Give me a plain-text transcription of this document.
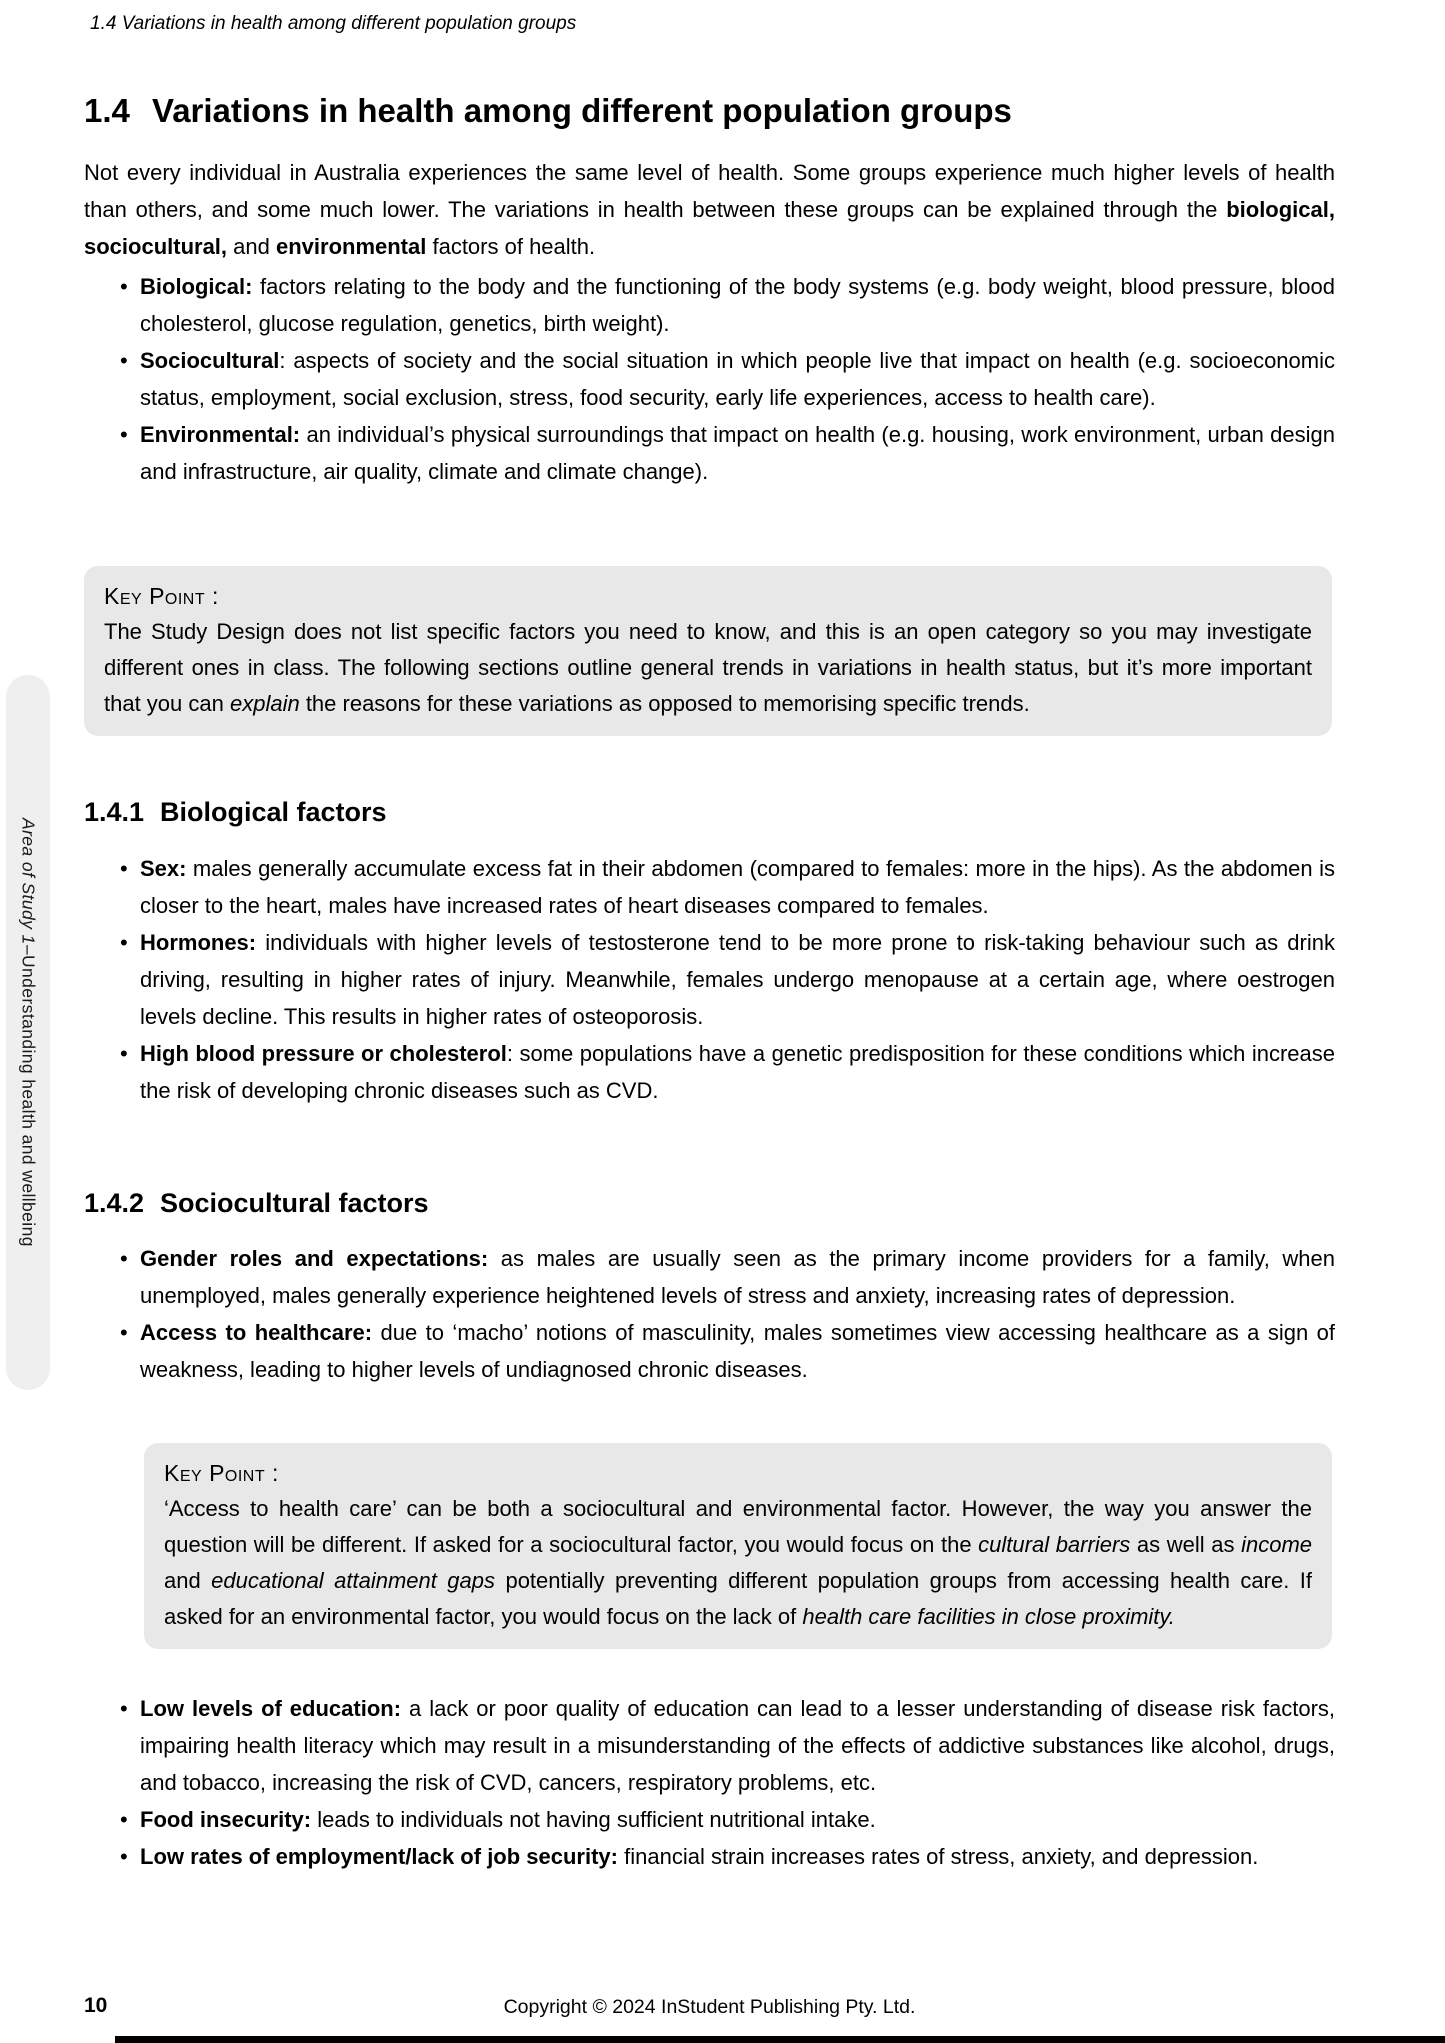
1.4 Variations in health among different population groups
1.4 Variations in health among different population groups

Not every individual in Australia experiences the same level of health. Some groups experience much higher levels of health than others, and some much lower. The variations in health between these groups can be explained through the biological, sociocultural, and environmental factors of health.

• Biological: factors relating to the body and the functioning of the body systems (e.g. body weight, blood pressure, blood cholesterol, glucose regulation, genetics, birth weight).
• Sociocultural: aspects of society and the social situation in which people live that impact on health (e.g. socioeconomic status, employment, social exclusion, stress, food security, early life experiences, access to health care).
• Environmental: an individual’s physical surroundings that impact on health (e.g. housing, work environment, urban design and infrastructure, air quality, climate and climate change).
Key Point :

The Study Design does not list specific factors you need to know, and this is an open category so you may investigate different ones in class. The following sections outline general trends in variations in health status, but it’s more important that you can explain the reasons for these variations as opposed to memorising specific trends.

1.4.1 Biological factors
• Sex: males generally accumulate excess fat in their abdomen (compared to females: more in the hips). As the abdomen is closer to the heart, males have increased rates of heart diseases compared to females.
• Hormones: individuals with higher levels of testosterone tend to be more prone to risk-taking behaviour such as drink driving, resulting in higher rates of injury. Meanwhile, females undergo menopause at a certain age, where oestrogen levels decline. This results in higher rates of osteoporosis.
• High blood pressure or cholesterol: some populations have a genetic predisposition for these conditions which increase the risk of developing chronic diseases such as CVD.
1.4.2 Sociocultural factors
• Gender roles and expectations: as males are usually seen as the primary income providers for a family, when unemployed, males generally experience heightened levels of stress and anxiety, increasing rates of depression.
• Access to healthcare: due to ‘macho’ notions of masculinity, males sometimes view accessing healthcare as a sign of weakness, leading to higher levels of undiagnosed chronic diseases.
Key Point :

‘Access to health care’ can be both a sociocultural and environmental factor. However, the way you answer the question will be different. If asked for a sociocultural factor, you would focus on the cultural barriers as well as income and educational attainment gaps potentially preventing different population groups from accessing health care. If asked for an environmental factor, you would focus on the lack of health care facilities in close proximity.

• Low levels of education: a lack or poor quality of education can lead to a lesser understanding of disease risk factors, impairing health literacy which may result in a misunderstanding of the effects of addictive substances like alcohol, drugs, and tobacco, increasing the risk of CVD, cancers, respiratory problems, etc.
• Food insecurity: leads to individuals not having sufficient nutritional intake.
• Low rates of employment/lack of job security: financial strain increases rates of stress, anxiety, and depression.
10	Copyright © 2024 InStudent Publishing Pty. Ltd.
Area of Study 1
–
Understanding health and wellbeing
